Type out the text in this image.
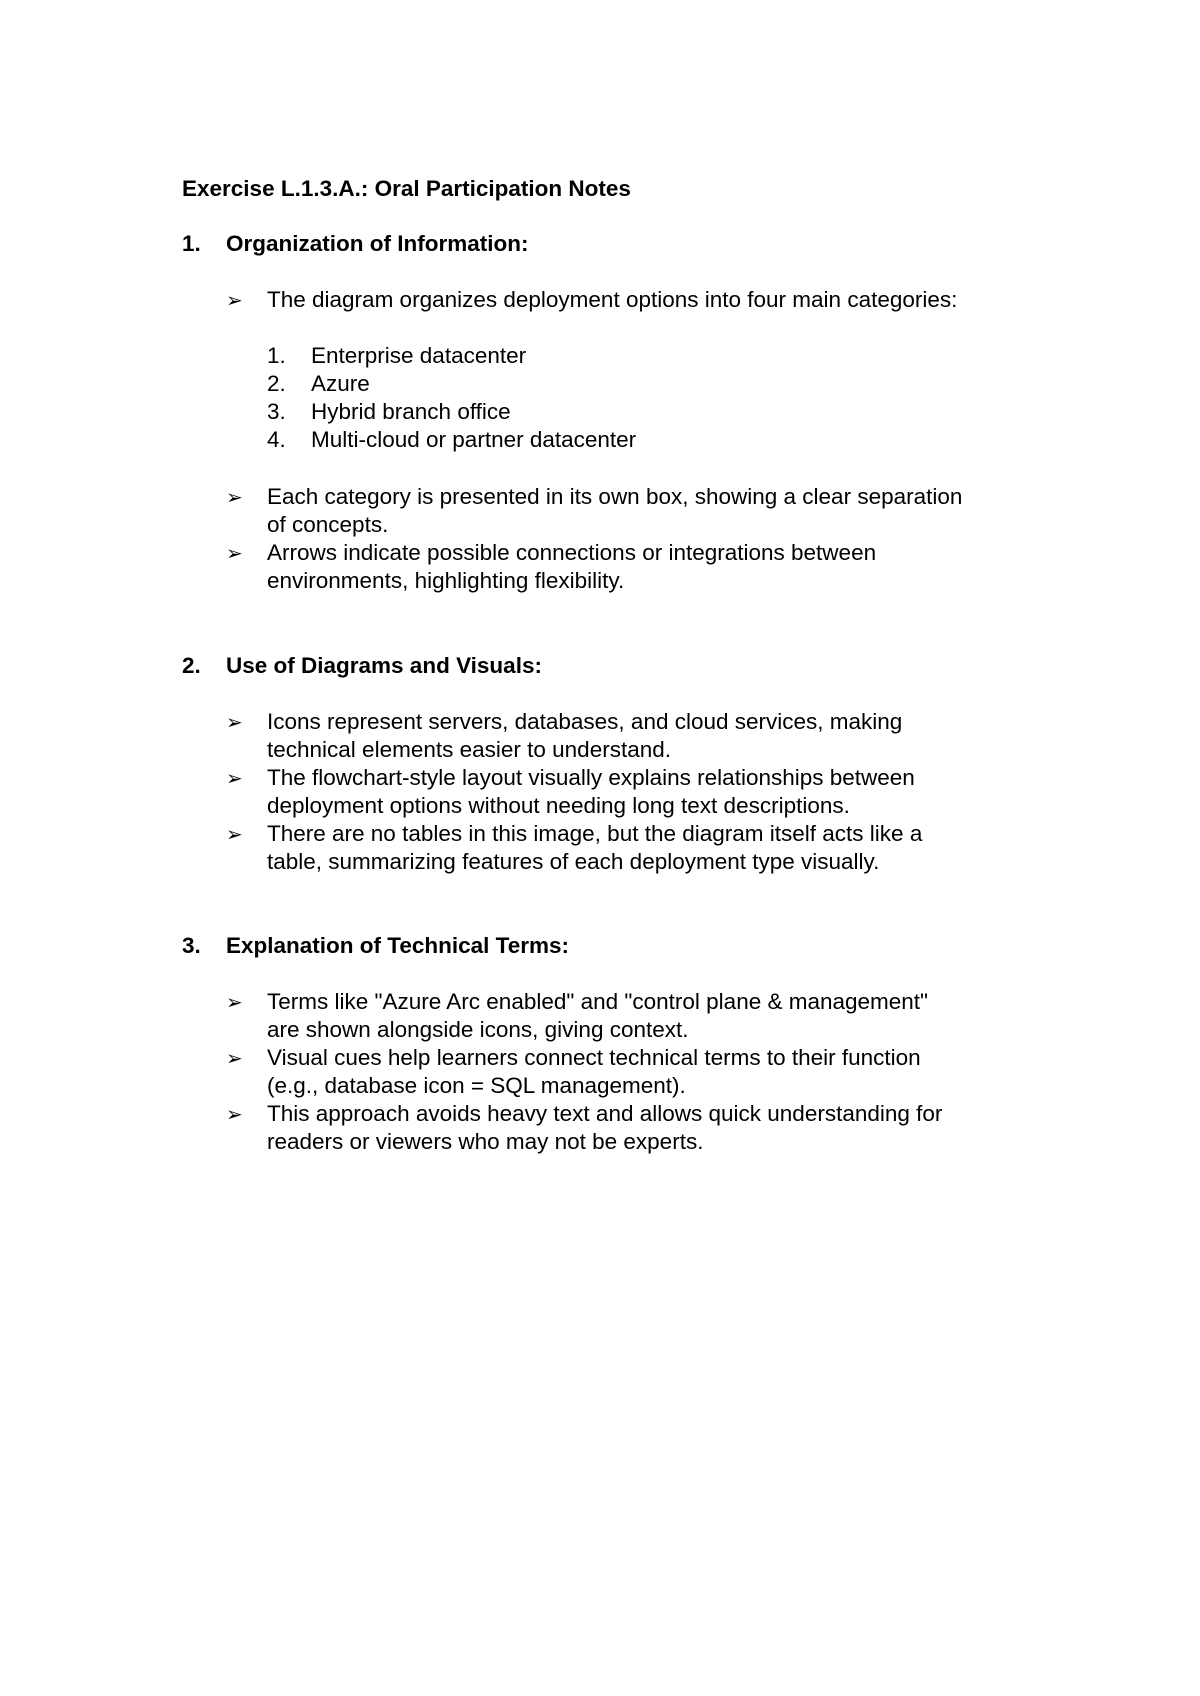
Exercise L.1.3.A.: Oral Participation Notes
1. Organization of Information:
➢ The diagram organizes deployment options into four main categories:
1. Enterprise datacenter
2. Azure
3. Hybrid branch office
4. Multi-cloud or partner datacenter
➢ Each category is presented in its own box, showing a clear separation
of concepts.
➢ Arrows indicate possible connections or integrations between
environments, highlighting flexibility.
2. Use of Diagrams and Visuals:
➢ Icons represent servers, databases, and cloud services, making
technical elements easier to understand.
➢ The flowchart-style layout visually explains relationships between
deployment options without needing long text descriptions.
➢ There are no tables in this image, but the diagram itself acts like a
table, summarizing features of each deployment type visually.
3. Explanation of Technical Terms:
➢ Terms like "Azure Arc enabled" and "control plane & management"
are shown alongside icons, giving context.
➢ Visual cues help learners connect technical terms to their function
(e.g., database icon = SQL management).
➢ This approach avoids heavy text and allows quick understanding for
readers or viewers who may not be experts.
